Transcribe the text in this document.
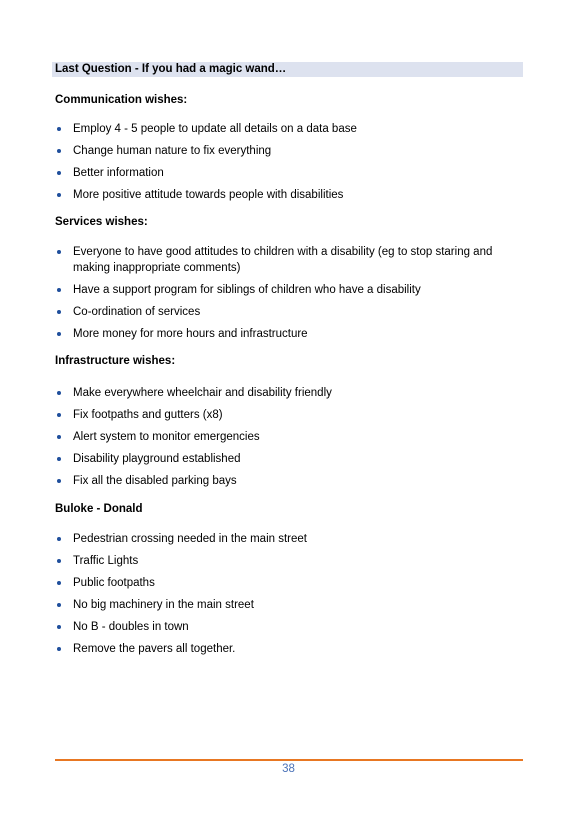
Last Question - If you had a magic wand…
Communication wishes:
Employ 4 - 5 people to update all details on a data base
Change human nature to fix everything
Better information
More positive attitude towards people with disabilities
Services wishes:
Everyone to have good attitudes to children with a disability (eg to stop staring and making inappropriate comments)
Have a support program for siblings of children who have a disability
Co-ordination of services
More money for more hours and infrastructure
Infrastructure wishes:
Make everywhere wheelchair and disability friendly
Fix footpaths and gutters (x8)
Alert system to monitor emergencies
Disability playground established
Fix all the disabled parking bays
Buloke - Donald
Pedestrian crossing needed in the main street
Traffic Lights
Public footpaths
No big machinery in the main street
No B - doubles in town
Remove the pavers all together.
38
